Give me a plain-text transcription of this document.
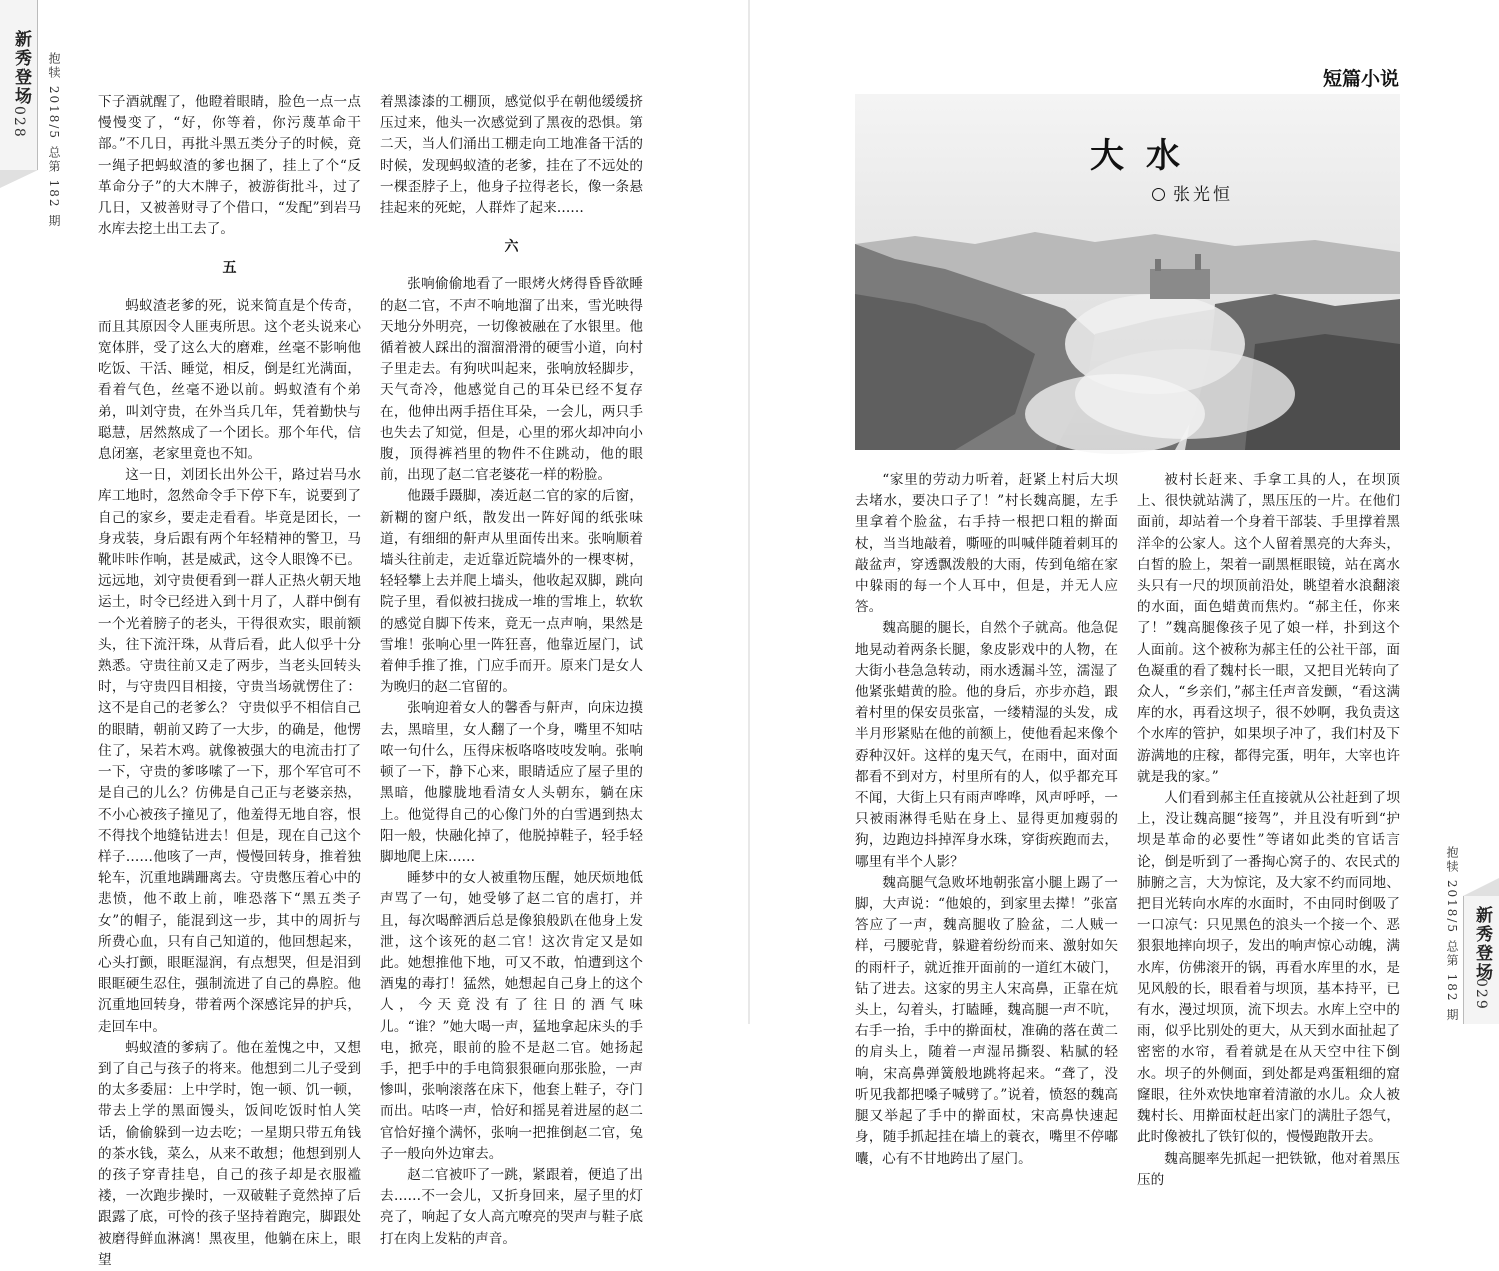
新秀登场
028 抱犊 2018/5 总第 182 期	下子酒就醒了，他瞪着眼睛，脸色一点一点慢慢变了，“好，你等着，你污蔑革命干部。”不几日，再批斗黑五类分子的时候，竟一绳子把蚂蚁渣的爹也捆了，挂上了个“反革命分子”的大木牌子，被游街批斗，过了几日，又被善财寻了个借口，“发配”到岩马水库去挖土出工去了。

五

蚂蚁渣老爹的死，说来简直是个传奇，而且其原因令人匪夷所思。这个老头说来心宽体胖，受了这么大的磨难，丝毫不影响他吃饭、干活、睡觉，相反，倒是红光满面，看着气色，丝毫不逊以前。蚂蚁渣有个弟弟，叫刘守贵，在外当兵几年，凭着勤快与聪慧，居然熬成了一个团长。那个年代，信息闭塞，老家里竟也不知。

这一日，刘团长出外公干，路过岩马水库工地时，忽然命令手下停下车，说要到了自己的家乡，要走走看看。毕竟是团长，一身戎装，身后跟有两个年轻精神的警卫，马靴咔咔作响，甚是威武，这令人眼馋不已。远远地，刘守贵便看到一群人正热火朝天地运土，时令已经进入到十月了，人群中倒有一个光着膀子的老头，干得很欢实，眼前额头，往下流汗珠，从背后看，此人似乎十分熟悉。守贵往前又走了两步，当老头回转头时，与守贵四目相接，守贵当场就愣住了：这不是自己的老爹么？ 守贵似乎不相信自己的眼睛，朝前又跨了一大步，的确是，他愣住了，呆若木鸡。就像被强大的电流击打了一下，守贵的爹哆嗦了一下，那个军官可不是自己的儿么？仿佛是自己正与老婆亲热，不小心被孩子撞见了，他羞得无地自容，恨不得找个地缝钻进去！但是，现在自己这个样子……他咳了一声，慢慢回转身，推着独轮车，沉重地蹒跚离去。守贵憋压着心中的悲愤，他不敢上前，唯恐落下“黑五类子女”的帽子，能混到这一步，其中的周折与所费心血，只有自己知道的，他回想起来，心头打颤，眼眶湿润，有点想哭，但是泪到眼眶硬生忍住，强制流进了自己的鼻腔。他沉重地回转身，带着两个深感诧异的护兵，走回车中。

蚂蚁渣的爹病了。他在羞愧之中，又想到了自己与孩子的将来。他想到二儿子受到的太多委屈：上中学时，饱一顿、饥一顿，带去上学的黑面馒头，饭间吃饭时怕人笑话，偷偷躲到一边去吃；一星期只带五角钱的茶水钱，菜么，从来不敢想；他想到别人的孩子穿青挂皂，自己的孩子却是衣服褴褛，一次跑步操时，一双破鞋子竟然掉了后跟露了底，可怜的孩子坚持着跑完，脚跟处被磨得鲜血淋漓！黑夜里，他躺在床上，眼望

着黑漆漆的工棚顶，感觉似乎在朝他缓缓挤压过来，他头一次感觉到了黑夜的恐惧。第二天，当人们涌出工棚走向工地准备干活的时候，发现蚂蚁渣的老爹，挂在了不远处的一棵歪脖子上，他身子拉得老长，像一条悬挂起来的死蛇，人群炸了起来……

六

张响偷偷地看了一眼烤火烤得昏昏欲睡的赵二官，不声不响地溜了出来，雪光映得天地分外明亮，一切像被融在了水银里。他循着被人踩出的溜溜滑滑的硬雪小道，向村子里走去。有狗吠叫起来，张响放轻脚步，天气奇冷，他感觉自己的耳朵已经不复存在，他伸出两手捂住耳朵，一会儿，两只手也失去了知觉，但是，心里的邪火却冲向小腹，顶得裤裆里的物件不住跳动，他的眼前，出现了赵二官老婆花一样的粉脸。

他蹑手蹑脚，凑近赵二官的家的后窗，新糊的窗户纸，散发出一阵好闻的纸张味道，有细细的鼾声从里面传出来。张响顺着墙头往前走，走近靠近院墙外的一棵枣树，轻轻攀上去并爬上墙头，他收起双脚，跳向院子里，看似被扫拢成一堆的雪堆上，软软的感觉自脚下传来，竟无一点声响，果然是雪堆！张响心里一阵狂喜，他靠近屋门，试着伸手推了推，门应手而开。原来门是女人为晚归的赵二官留的。

张响迎着女人的馨香与鼾声，向床边摸去，黑暗里，女人翻了一个身，嘴里不知咕哝一句什么，压得床板咯咯吱吱发响。张响顿了一下，静下心来，眼睛适应了屋子里的黑暗，他朦胧地看清女人头朝东，躺在床上。他觉得自己的心像门外的白雪遇到热太阳一般，快融化掉了，他脱掉鞋子，轻手轻脚地爬上床……

睡梦中的女人被重物压醒，她厌烦地低声骂了一句，她受够了赵二官的虐打，并且，每次喝醉洒后总是像狼般趴在他身上发泄，这个该死的赵二官！这次肯定又是如此。她想推他下地，可又不敢，怕遭到这个酒鬼的毒打！猛然，她想起自己身上的这个人，今天竟没有了往日的酒气味儿。“谁？”她大喝一声，猛地拿起床头的手电，掀亮，眼前的脸不是赵二官。她扬起手，把手中的手电筒狠狠砸向那张脸，一声惨叫，张响滚落在床下，他套上鞋子，夺门而出。咕咚一声，恰好和摇晃着进屋的赵二官恰好撞个满怀，张响一把推倒赵二官，兔子一般向外边窜去。

赵二官被吓了一跳，紧跟着，便追了出去……不一会儿，又折身回来，屋子里的灯亮了，响起了女人高亢嘹亮的哭声与鞋子底打在肉上发粘的声音。

短篇小说
大水
张光恒

“家里的劳动力听着，赶紧上村后大坝去堵水，要决口子了！”村长魏高腿，左手里拿着个脸盆，右手持一根把口粗的擀面杖，当当地敲着，嘶哑的叫喊伴随着刺耳的敲盆声，穿透飘泼般的大雨，传到龟缩在家中躲雨的每一个人耳中，但是，并无人应答。

魏高腿的腿长，自然个子就高。他急促地晃动着两条长腿，象皮影戏中的人物，在大街小巷急急转动，雨水透漏斗笠，濡湿了他紧张蜡黄的脸。他的身后，亦步亦趋，跟着村里的保安员张富，一缕精湿的头发，成半月形紧贴在他的前额上，使他看起来像个孬种汉奸。这样的鬼天气，在雨中，面对面都看不到对方，村里所有的人，似乎都充耳不闻，大街上只有雨声哗哗，风声呼呼，一只被雨淋得毛贴在身上、显得更加瘦弱的狗，边跑边抖掉浑身水珠，穿街疾跑而去，哪里有半个人影？

魏高腿气急败坏地朝张富小腿上踢了一脚，大声说：“他娘的，到家里去撵！”张富答应了一声，魏高腿收了脸盆，二人贼一样，弓腰驼背，躲避着纷纷而来、激射如矢的雨杆子，就近推开面前的一道红木破门，钻了进去。这家的男主人宋高鼻，正靠在炕头上，勾着头，打瞌睡，魏高腿一声不吭，右手一抬，手中的擀面杖，准确的落在黄二的肩头上，随着一声湿吊撕裂、粘腻的轻响，宋高鼻弹簧般地跳将起来。“聋了，没听见我都把嗓子喊劈了。”说着，愤怒的魏高腿又举起了手中的擀面杖，宋高鼻快速起身，随手抓起挂在墙上的蓑衣，嘴里不停嘟囔，心有不甘地跨出了屋门。

被村长赶来、手拿工具的人，在坝顶上、很快就站满了，黑压压的一片。在他们面前，却站着一个身着干部装、手里撑着黑洋伞的公家人。这个人留着黑亮的大奔头，白皙的脸上，架着一副黑框眼镜，站在离水头只有一尺的坝顶前沿处，眺望着水浪翻滚的水面，面色蜡黄而焦灼。“郝主任，你来了！”魏高腿像孩子见了娘一样，扑到这个人面前。这个被称为郝主任的公社干部，面色凝重的看了魏村长一眼，又把目光转向了众人，“乡亲们，”郝主任声音发颤，“看这满库的水，再看这坝子，很不妙啊，我负责这个水库的管护，如果坝子冲了，我们村及下游满地的庄稼，都得完蛋，明年，大宰也许就是我的家。”

人们看到郝主任直接就从公社赶到了坝上，没让魏高腿“接驾”，并且没有听到“护坝是革命的必要性”等诸如此类的官话言论，倒是听到了一番掏心窝子的、农民式的肺腑之言，大为惊诧，及大家不约而同地、把目光转向水库的水面时，不由同时倒吸了一口凉气：只见黑色的浪头一个接一个、恶狠狠地摔向坝子，发出的响声惊心动魄，满水库，仿佛滚开的锅，再看水库里的水，是见风般的长，眼看着与坝顶，基本持平，已有水，漫过坝顶，流下坝去。水库上空中的雨，似乎比别处的更大，从天到水面扯起了密密的水帘，看着就是在从天空中往下倒水。坝子的外侧面，到处都是鸡蛋粗细的窟窿眼，往外欢快地窜着清澈的水儿。众人被魏村长、用擀面杖赶出家门的满肚子怨气，此时像被扎了铁钉似的，慢慢跑散开去。

魏高腿率先抓起一把铁锨，他对着黑压压的

抱犊 2018/5 总第 182 期 新秀登场
029
